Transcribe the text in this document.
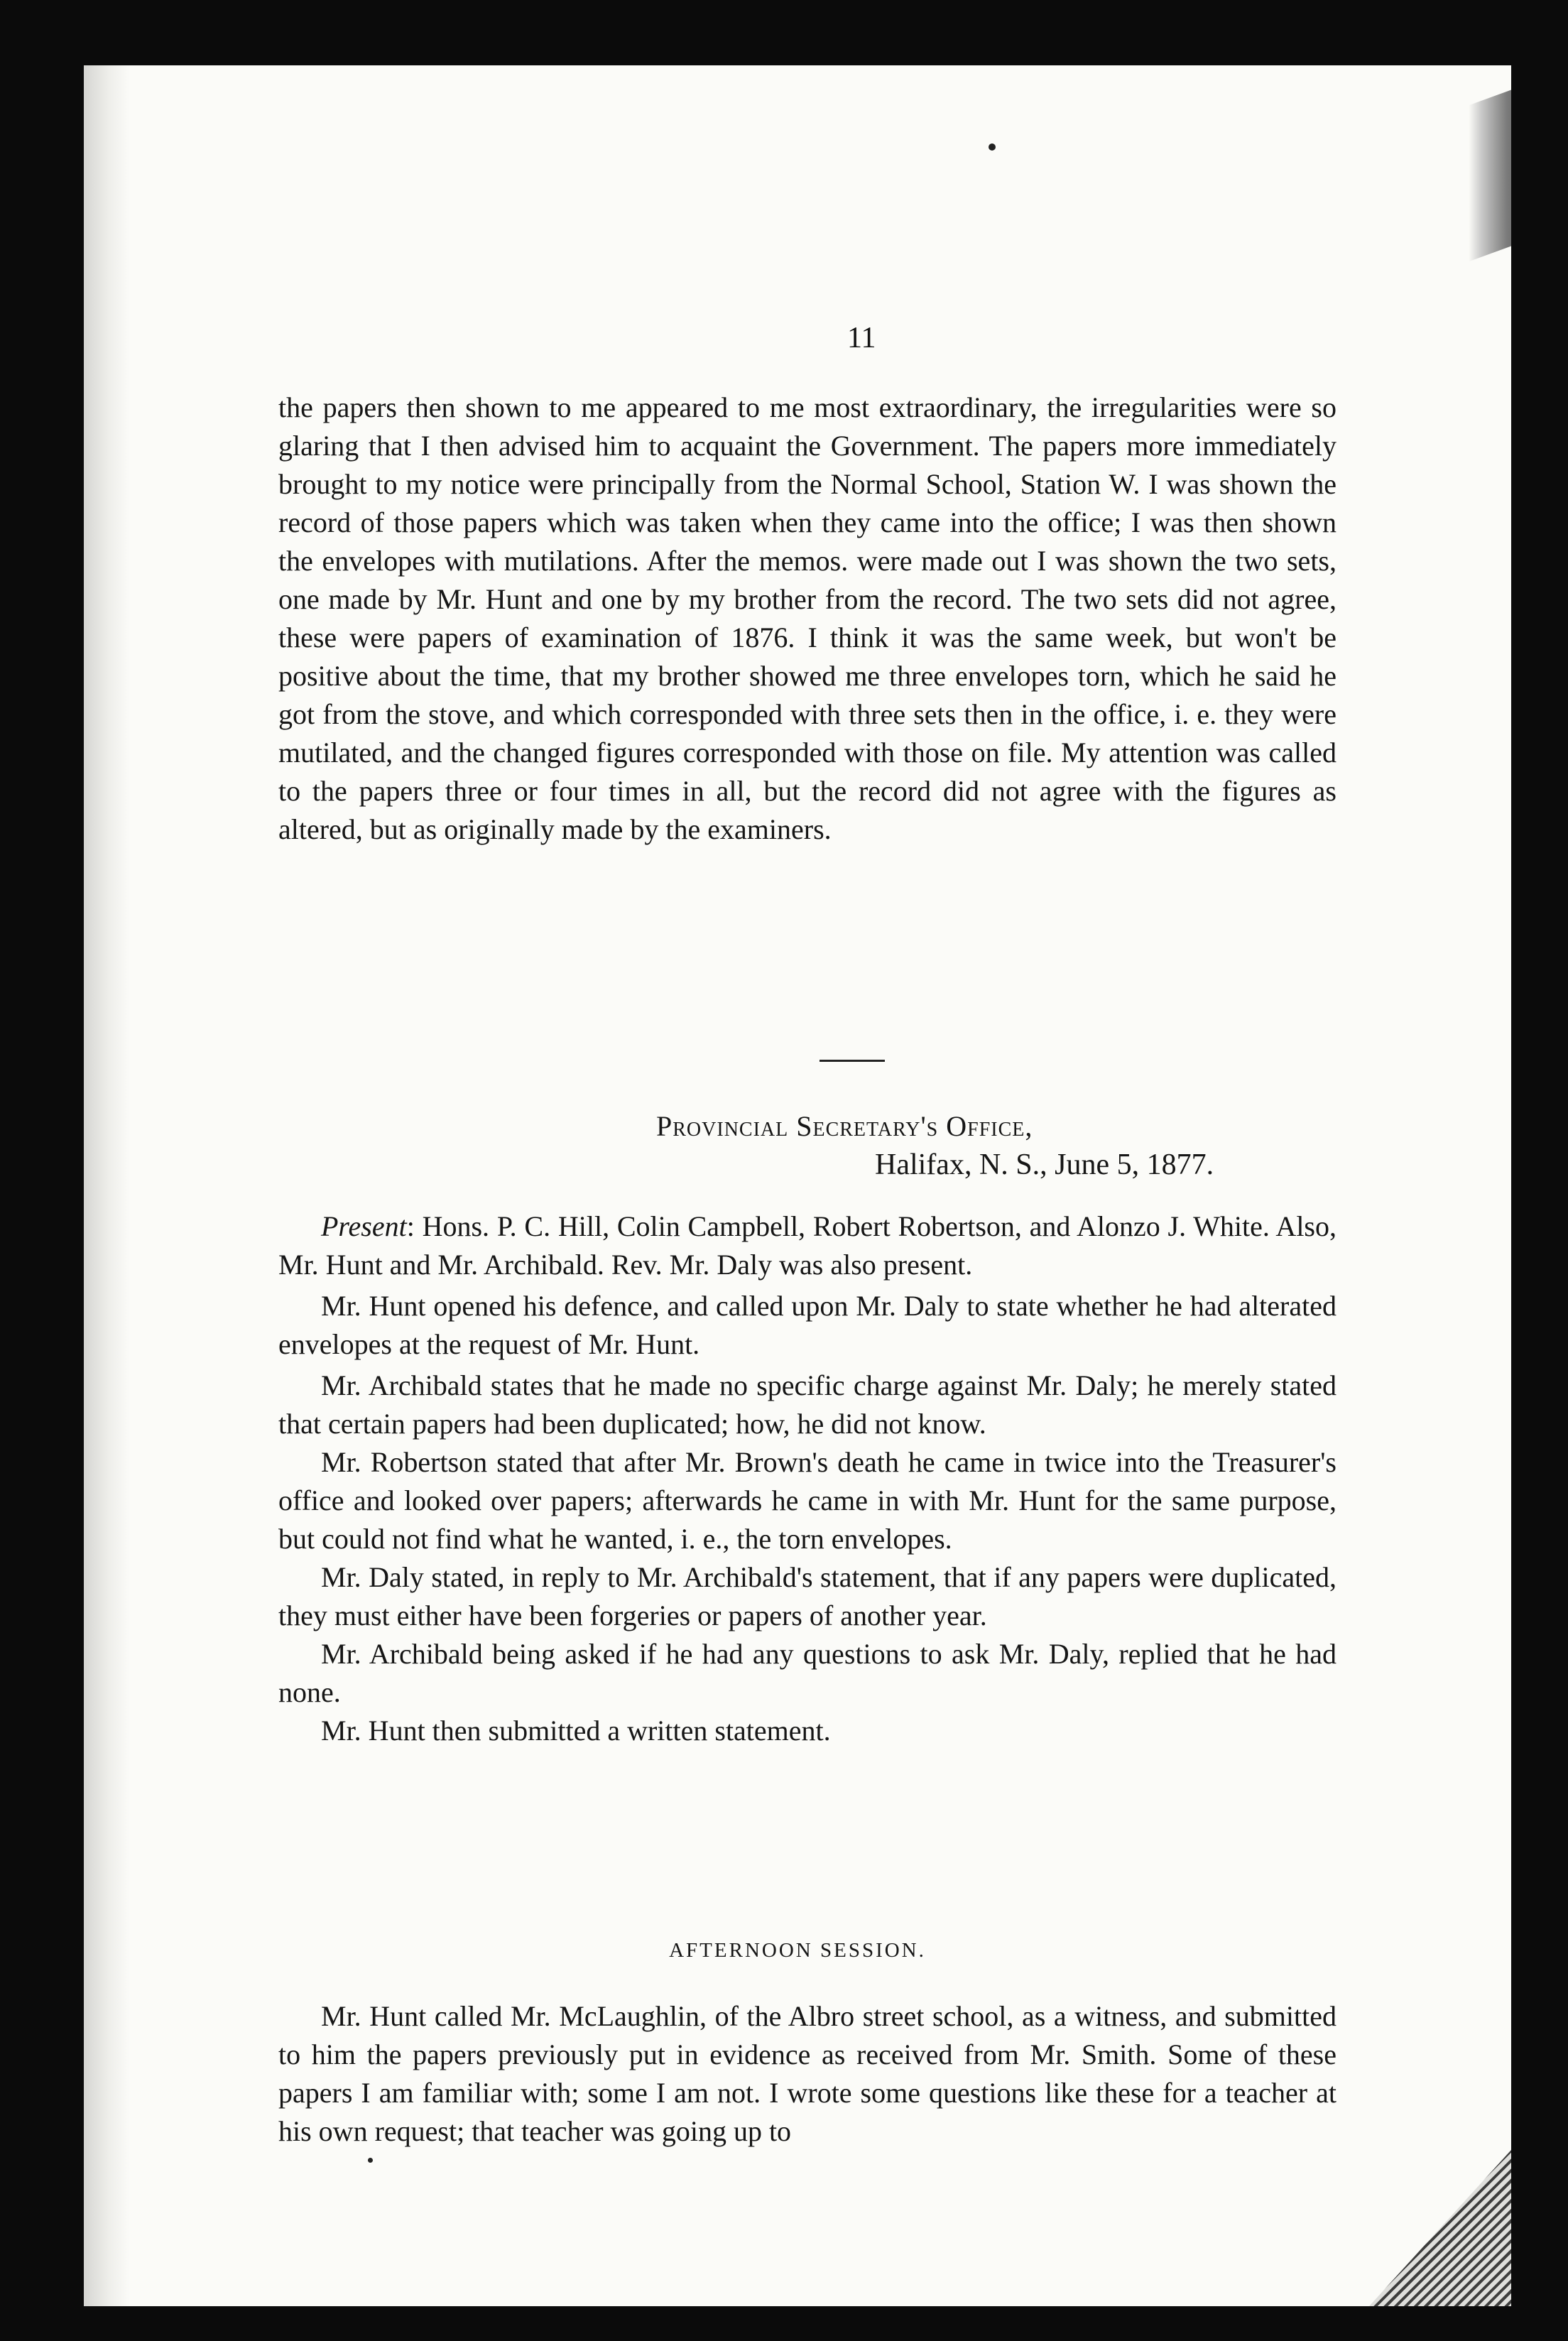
11

the papers then shown to me appeared to me most extraordinary, the irregularities were so glaring that I then advised him to acquaint the Government. The papers more immediately brought to my notice were principally from the Normal School, Station W. I was shown the record of those papers which was taken when they came into the office; I was then shown the envelopes with mutilations. After the memos. were made out I was shown the two sets, one made by Mr. Hunt and one by my brother from the record. The two sets did not agree, these were papers of examination of 1876. I think it was the same week, but won't be positive about the time, that my brother showed me three envelopes torn, which he said he got from the stove, and which corresponded with three sets then in the office, i. e. they were mutilated, and the changed figures corresponded with those on file. My attention was called to the papers three or four times in all, but the record did not agree with the figures as altered, but as originally made by the examiners.

Provincial Secretary's Office,
Halifax, N. S., June 5, 1877.

Present: Hons. P. C. Hill, Colin Campbell, Robert Robertson, and Alonzo J. White. Also, Mr. Hunt and Mr. Archibald. Rev. Mr. Daly was also present.

Mr. Hunt opened his defence, and called upon Mr. Daly to state whether he had alterated envelopes at the request of Mr. Hunt.

Mr. Archibald states that he made no specific charge against Mr. Daly; he merely stated that certain papers had been duplicated; how, he did not know.

Mr. Robertson stated that after Mr. Brown's death he came in twice into the Treasurer's office and looked over papers; afterwards he came in with Mr. Hunt for the same purpose, but could not find what he wanted, i. e., the torn envelopes.

Mr. Daly stated, in reply to Mr. Archibald's statement, that if any papers were duplicated, they must either have been forgeries or papers of another year.

Mr. Archibald being asked if he had any questions to ask Mr. Daly, replied that he had none.

Mr. Hunt then submitted a written statement.

AFTERNOON SESSION.

Mr. Hunt called Mr. McLaughlin, of the Albro street school, as a witness, and submitted to him the papers previously put in evidence as received from Mr. Smith. Some of these papers I am familiar with; some I am not. I wrote some questions like these for a teacher at his own request; that teacher was going up to
